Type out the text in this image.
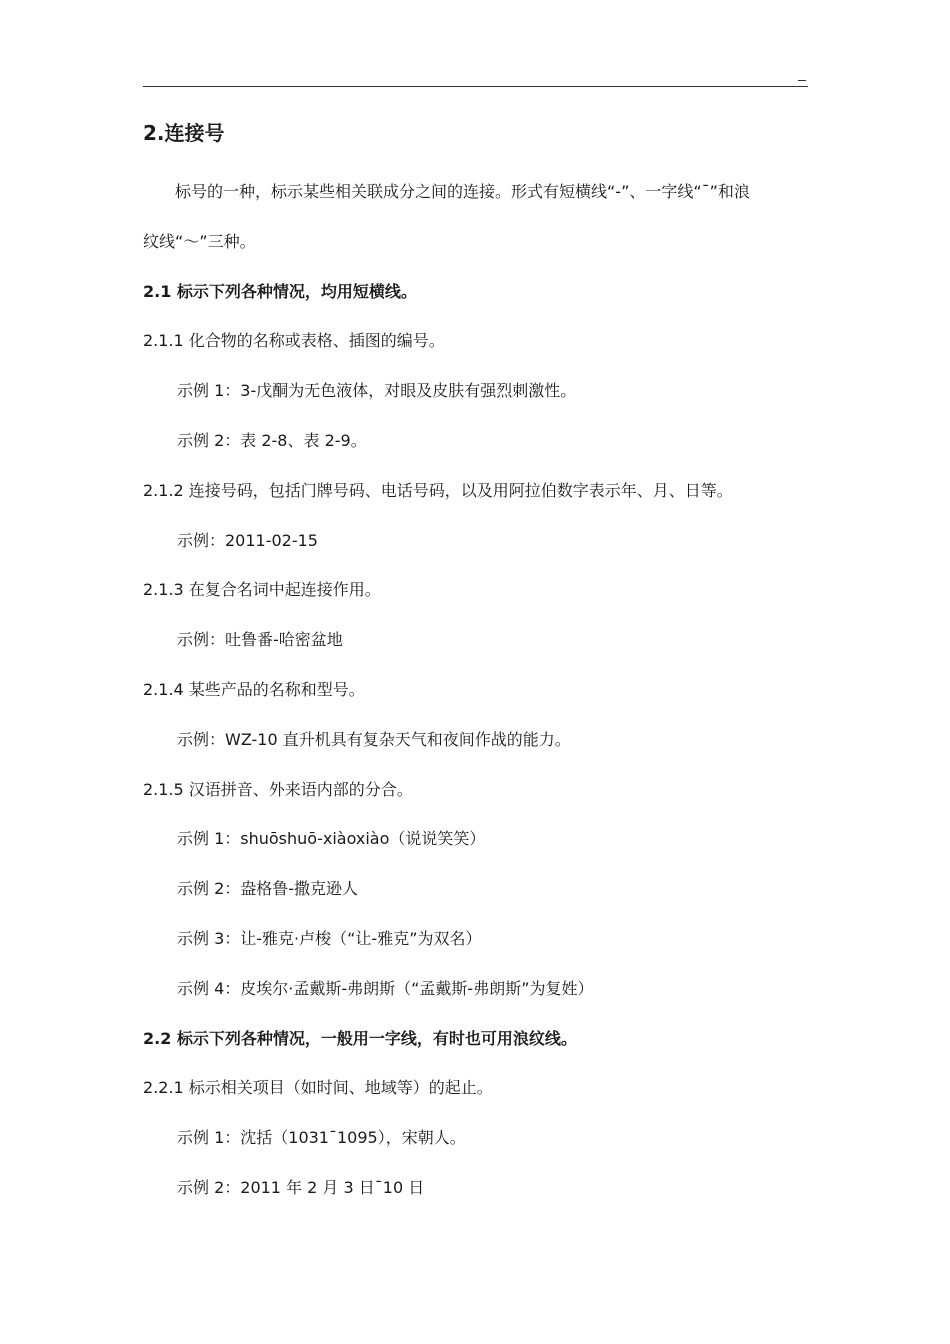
2.连接号
标号的一种，标示某些相关联成分之间的连接。形式有短横线“-”、一字线“¯”和浪
纹线“～”三种。
2.1 标示下列各种情况，均用短横线。
2.1.1 化合物的名称或表格、插图的编号。
示例 1：3-戊酮为无色液体，对眼及皮肤有强烈刺激性。
示例 2：表 2-8、表 2-9。
2.1.2 连接号码，包括门牌号码、电话号码，以及用阿拉伯数字表示年、月、日等。
示例：2011-02-15
2.1.3 在复合名词中起连接作用。
示例：吐鲁番-哈密盆地
2.1.4 某些产品的名称和型号。
示例：WZ-10 直升机具有复杂天气和夜间作战的能力。
2.1.5 汉语拼音、外来语内部的分合。
示例 1：shuōshuō-xiàoxiào（说说笑笑）
示例 2：盎格鲁-撒克逊人
示例 3：让-雅克·卢梭（“让-雅克”为双名）
示例 4：皮埃尔·孟戴斯-弗朗斯（“孟戴斯-弗朗斯”为复姓）
2.2 标示下列各种情况，一般用一字线，有时也可用浪纹线。
2.2.1 标示相关项目（如时间、地域等）的起止。
示例 1：沈括（1031¯1095），宋朝人。
示例 2：2011 年 2 月 3 日¯10 日
